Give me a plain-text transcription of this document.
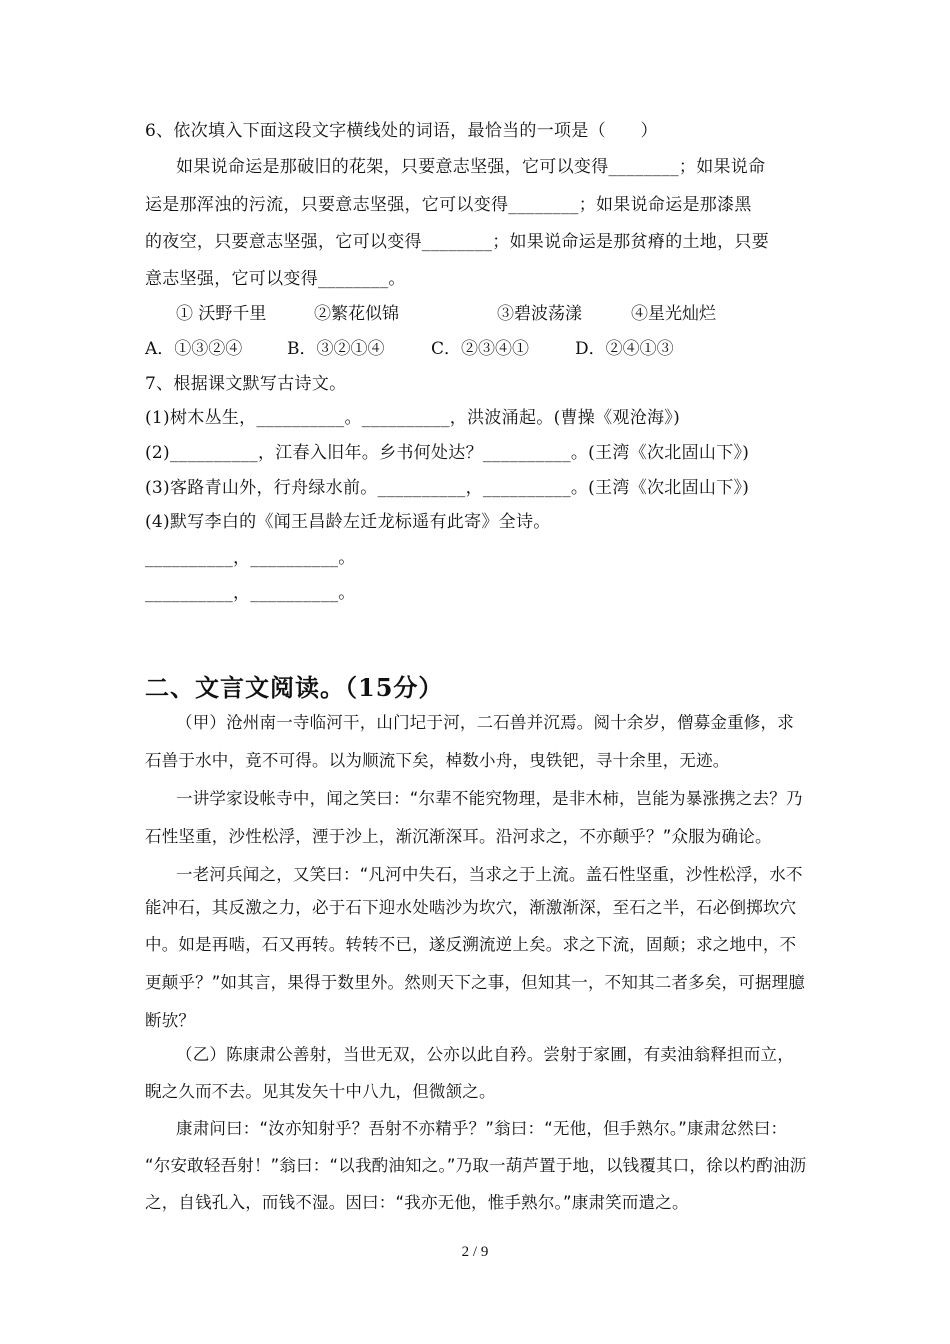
6、依次填入下面这段文字横线处的词语，最恰当的一项是（　　）
如果说命运是那破旧的花架，只要意志坚强，它可以变得________；如果说命
运是那浑浊的污流，只要意志坚强，它可以变得________；如果说命运是那漆黑
的夜空，只要意志坚强，它可以变得________；如果说命运是那贫瘠的土地，只要
意志坚强，它可以变得________。
① 沃野千里	②繁花似锦	③碧波荡漾	④星光灿烂
A．①③②④	B．③②①④	C．②③④①	D．②④①③
7、根据课文默写古诗文。
(1)树木丛生，__________。__________，洪波涌起。(曹操《观沧海》)
(2)__________，江春入旧年。乡书何处达？__________。(王湾《次北固山下》)
(3)客路青山外，行舟绿水前。__________，__________。(王湾《次北固山下》)
(4)默写李白的《闻王昌龄左迁龙标遥有此寄》全诗。
__________，__________。
__________，__________。
二、文言文阅读。（15分）
（甲）沧州南一寺临河干，山门圮于河，二石兽并沉焉。阅十余岁，僧募金重修，求
石兽于水中，竟不可得。以为顺流下矣，棹数小舟，曳铁钯，寻十余里，无迹。
一讲学家设帐寺中，闻之笑曰：“尔辈不能究物理，是非木柿，岂能为暴涨携之去？乃
石性坚重，沙性松浮，湮于沙上，渐沉渐深耳。沿河求之，不亦颠乎？”众服为确论。
一老河兵闻之，又笑曰：“凡河中失石，当求之于上流。盖石性坚重，沙性松浮，水不
能冲石，其反激之力，必于石下迎水处啮沙为坎穴，渐激渐深，至石之半，石必倒掷坎穴
中。如是再啮，石又再转。转转不已，遂反溯流逆上矣。求之下流，固颠；求之地中，不
更颠乎？”如其言，果得于数里外。然则天下之事，但知其一，不知其二者多矣，可据理臆
断欤？
（乙）陈康肃公善射，当世无双，公亦以此自矜。尝射于家圃，有卖油翁释担而立，
睨之久而不去。见其发矢十中八九，但微颔之。
康肃问曰：“汝亦知射乎？吾射不亦精乎？”翁曰：“无他，但手熟尔。”康肃忿然曰：
“尔安敢轻吾射！”翁曰：“以我酌油知之。”乃取一葫芦置于地，以钱覆其口，徐以杓酌油沥
之，自钱孔入，而钱不湿。因曰：“我亦无他，惟手熟尔。”康肃笑而遣之。
2 / 9
